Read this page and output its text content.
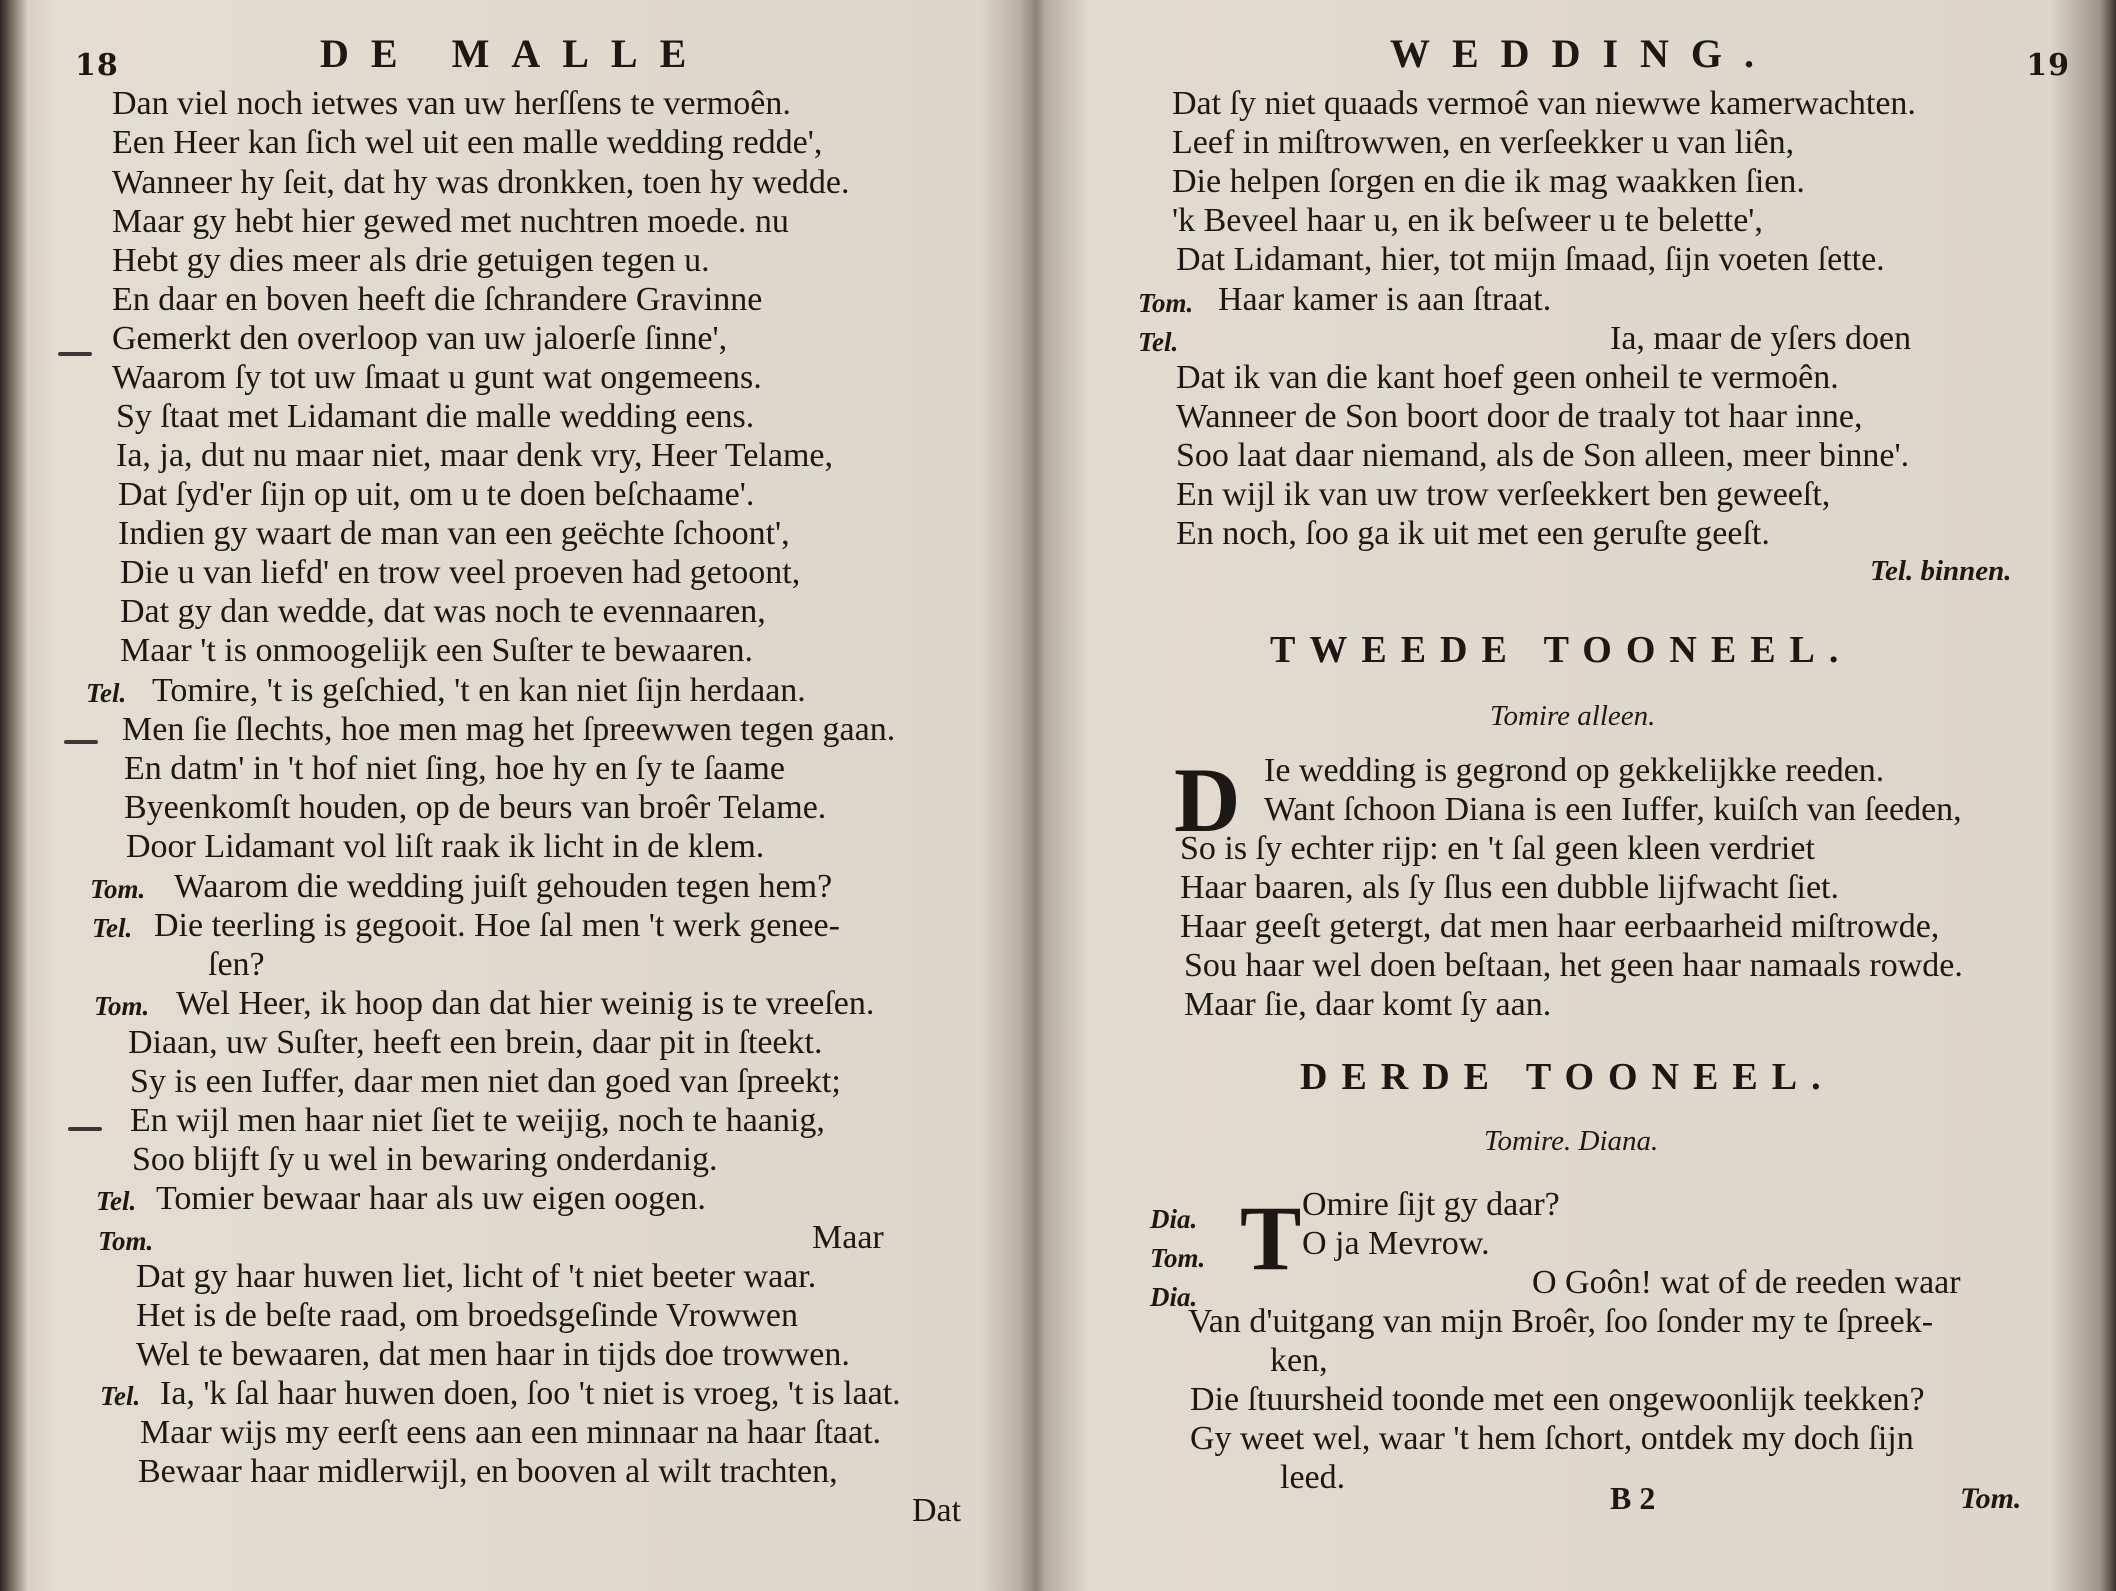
18	DE MALLE
Dan viel noch ietwes van uw herſſens te vermoên.
Een Heer kan ſich wel uit een malle wedding redde',
Wanneer hy ſeit, dat hy was dronkken, toen hy wedde.
Maar gy hebt hier gewed met nuchtren moede. nu
Hebt gy dies meer als drie getuigen tegen u.
En daar en boven heeft die ſchrandere Gravinne
Gemerkt den overloop van uw jaloerſe ſinne',
Waarom ſy tot uw ſmaat u gunt wat ongemeens.
Sy ſtaat met Lidamant die malle wedding eens.
Ia, ja, dut nu maar niet, maar denk vry, Heer Telame,
Dat ſyd'er ſijn op uit, om u te doen beſchaame'.
Indien gy waart de man van een geëchte ſchoont',
Die u van liefd' en trow veel proeven had getoont,
Dat gy dan wedde, dat was noch te evennaaren,
Maar 't is onmoogelijk een Suſter te bewaaren.
Tel. Tomire, 't is geſchied, 't en kan niet ſijn herdaan.
Men ſie ſlechts, hoe men mag het ſpreewwen tegen gaan.
En datm' in 't hof niet ſing, hoe hy en ſy te ſaame
Byeenkomſt houden, op de beurs van broêr Telame.
Door Lidamant vol liſt raak ik licht in de klem.
Tom. Waarom die wedding juiſt gehouden tegen hem?
Tel. Die teerling is gegooit. Hoe ſal men 't werk genee-
ſen?
Tom. Wel Heer, ik hoop dan dat hier weinig is te vreeſen.
Diaan, uw Suſter, heeft een brein, daar pit in ſteekt.
Sy is een Iuffer, daar men niet dan goed van ſpreekt;
En wijl men haar niet ſiet te weijig, noch te haanig,
Soo blijft ſy u wel in bewaring onderdanig.
Tel. Tomier bewaar haar als uw eigen oogen.
Tom.	Maar
Dat gy haar huwen liet, licht of 't niet beeter waar.
Het is de beſte raad, om broedsgeſinde Vrowwen
Wel te bewaaren, dat men haar in tijds doe trowwen.
Tel. Ia, 'k ſal haar huwen doen, ſoo 't niet is vroeg, 't is laat.
Maar wijs my eerſt eens aan een minnaar na haar ſtaat.
Bewaar haar midlerwijl, en booven al wilt trachten,
Dat
WEDDING.	19
Dat ſy niet quaads vermoê van niewwe kamerwachten.
Leef in miſtrowwen, en verſeekker u van liên,
Die helpen ſorgen en die ik mag waakken ſien.
'k Beveel haar u, en ik beſweer u te belette',
Dat Lidamant, hier, tot mijn ſmaad, ſijn voeten ſette.
Tom. Haar kamer is aan ſtraat.
Tel.	Ia, maar de yſers doen
Dat ik van die kant hoef geen onheil te vermoên.
Wanneer de Son boort door de traaly tot haar inne,
Soo laat daar niemand, als de Son alleen, meer binne'.
En wijl ik van uw trow verſeekkert ben geweeſt,
En noch, ſoo ga ik uit met een geruſte geeſt.
Tel. binnen.
TWEEDE TOONEEL.
Tomire alleen.
D Ie wedding is gegrond op gekkelijkke reeden.
Want ſchoon Diana is een Iuffer, kuiſch van ſeeden,
So is ſy echter rijp: en 't ſal geen kleen verdriet
Haar baaren, als ſy ſlus een dubble lijfwacht ſiet.
Haar geeſt getergt, dat men haar eerbaarheid miſtrowde,
Sou haar wel doen beſtaan, het geen haar namaals rowde.
Maar ſie, daar komt ſy aan.
DERDE TOONEEL.
Tomire. Diana.
Dia.
Tom.
Dia.
T Omire ſijt gy daar?
O ja Mevrow.
O Goôn! wat of de reeden waar
Van d'uitgang van mijn Broêr, ſoo ſonder my te ſpreek-
ken,
Die ſtuursheid toonde met een ongewoonlijk teekken?
Gy weet wel, waar 't hem ſchort, ontdek my doch ſijn
leed.
B 2	Tom.
